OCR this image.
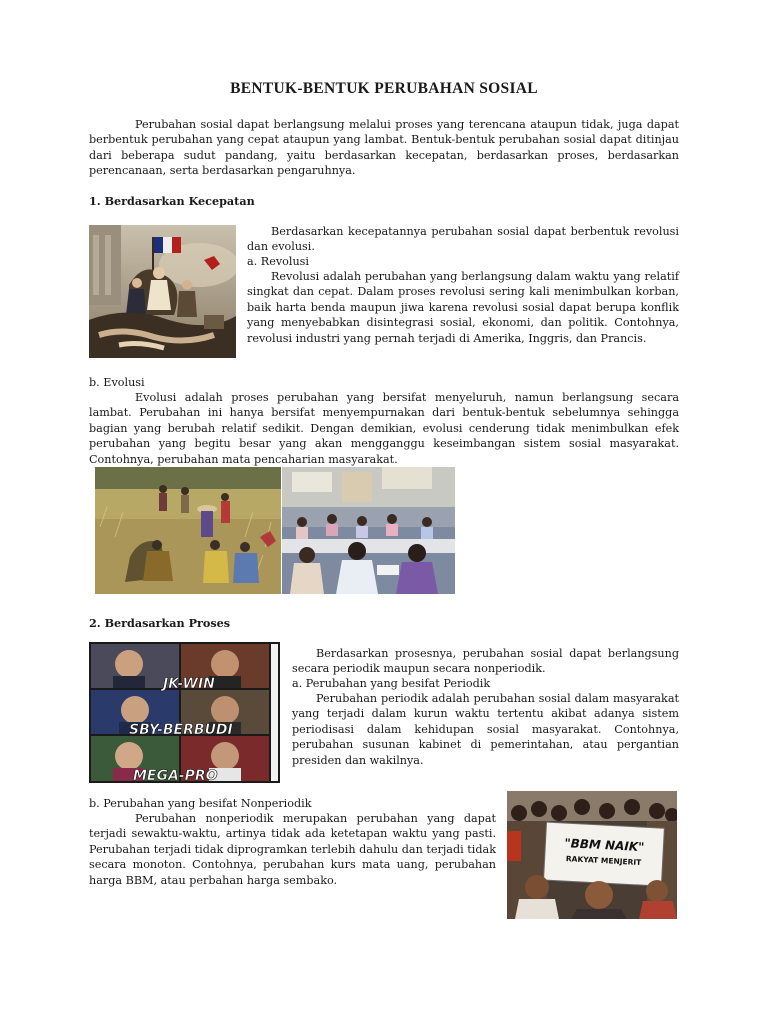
BENTUK-BENTUK PERUBAHAN SOSIAL
Perubahan sosial dapat berlangsung melalui proses yang terencana ataupun tidak, juga dapat berbentuk perubahan yang cepat ataupun yang lambat. Bentuk-bentuk perubahan sosial dapat ditinjau dari beberapa sudut pandang, yaitu berdasarkan kecepatan, berdasarkan proses, berdasarkan perencanaan, serta berdasarkan pengaruhnya.
1. Berdasarkan Kecepatan
Berdasarkan kecepatannya perubahan sosial dapat berbentuk revolusi dan evolusi.
a. Revolusi
Revolusi adalah perubahan yang berlangsung dalam waktu yang relatif singkat dan cepat. Dalam proses revolusi sering kali menimbulkan korban, baik harta benda maupun jiwa karena revolusi sosial dapat berupa konflik yang menyebabkan disintegrasi sosial, ekonomi, dan politik. Contohnya, revolusi industri yang pernah terjadi di Amerika, Inggris, dan Prancis.
b. Evolusi
Evolusi adalah proses perubahan yang bersifat menyeluruh, namun berlangsung secara lambat. Perubahan ini hanya bersifat menyempurnakan dari bentuk-bentuk sebelumnya sehingga bagian yang berubah relatif sedikit. Dengan demikian, evolusi cenderung tidak menimbulkan efek perubahan yang begitu besar yang akan mengganggu keseimbangan sistem sosial masyarakat. Contohnya, perubahan mata pencaharian masyarakat.
2. Berdasarkan Proses
JK-WIN
SBY-BERBUDI
MEGA-PRO
Berdasarkan prosesnya, perubahan sosial dapat berlangsung secara periodik maupun secara nonperiodik.
a. Perubahan yang besifat Periodik
Perubahan periodik adalah perubahan sosial dalam masyarakat yang terjadi dalam kurun waktu tertentu akibat adanya sistem periodisasi dalam kehidupan sosial masyarakat. Contohnya, perubahan susunan kabinet di pemerintahan, atau pergantian presiden dan wakilnya.
b. Perubahan yang besifat Nonperiodik
Perubahan nonperiodik merupakan perubahan yang dapat terjadi sewaktu-waktu, artinya tidak ada ketetapan waktu yang pasti. Perubahan terjadi tidak diprogramkan terlebih dahulu dan terjadi tidak secara monoton. Contohnya, perubahan kurs mata uang, perubahan harga BBM, atau perbahan harga sembako.
"BBM NAIK"
RAKYAT MENJERIT
